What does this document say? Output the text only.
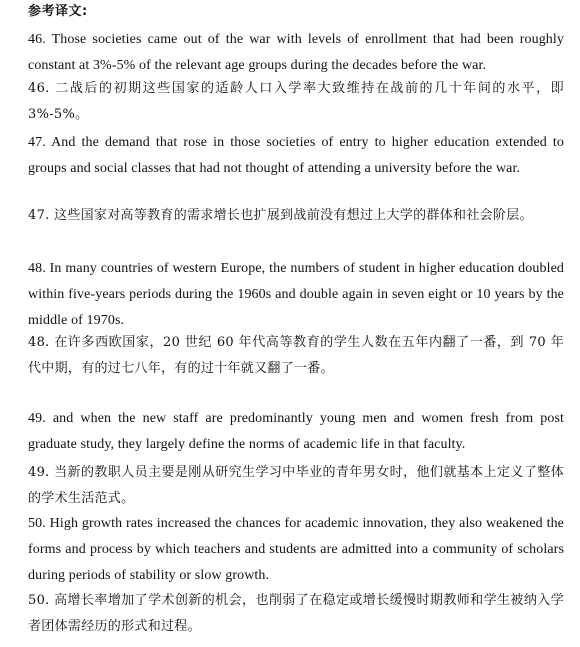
参考译文:

46. Those societies came out of the war with levels of enrollment that had been roughly constant at 3%-5% of the relevant age groups during the decades before the war.

46. 二战后的初期这些国家的适龄人口入学率大致维持在战前的几十年间的水平，即 3%-5%。

47. And the demand that rose in those societies of entry to higher education extended to groups and social classes that had not thought of attending a university before the war.

47. 这些国家对高等教育的需求增长也扩展到战前没有想过上大学的群体和社会阶层。

48. In many countries of western Europe, the numbers of student in higher education doubled within five-years periods during the 1960s and double again in seven eight or 10 years by the middle of 1970s.

48. 在许多西欧国家，20 世纪 60 年代高等教育的学生人数在五年内翻了一番，到 70 年代中期，有的过七八年，有的过十年就又翻了一番。

49. and when the new staff are predominantly young men and women fresh from post graduate study, they largely define the norms of academic life in that faculty.

49. 当新的教职人员主要是刚从研究生学习中毕业的青年男女时，他们就基本上定义了整体的学术生活范式。

50. High growth rates increased the chances for academic innovation, they also weakened the forms and process by which teachers and students are admitted into a community of scholars during periods of stability or slow growth.

50. 高增长率增加了学术创新的机会，也削弱了在稳定或增长缓慢时期教师和学生被纳入学者团体需经历的形式和过程。
